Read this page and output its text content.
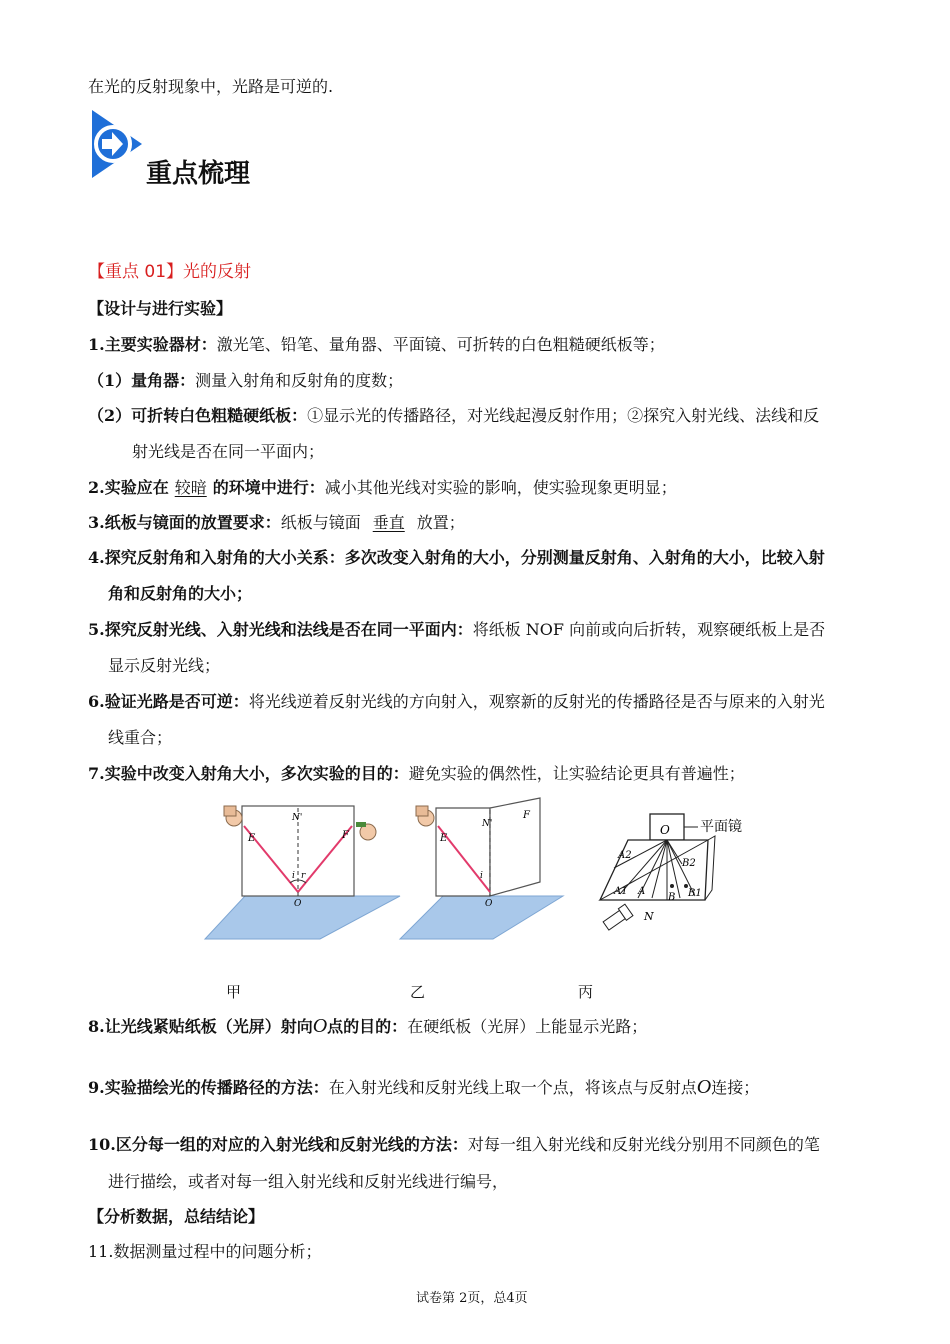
在光的反射现象中，光路是可逆的.
重点梳理
【重点 01】光的反射
【设计与进行实验】
1.主要实验器材：激光笔、铅笔、量角器、平面镜、可折转的白色粗糙硬纸板等；
（1）量角器：测量入射角和反射角的度数；
（2）可折转白色粗糙硬纸板：①显示光的传播路径，对光线起漫反射作用；②探究入射光线、法线和反
射光线是否在同一平面内；
2.实验应在 较暗 的环境中进行：减小其他光线对实验的影响，使实验现象更明显；
3.纸板与镜面的放置要求：纸板与镜面 垂直 放置；
4.探究反射角和入射角的大小关系：多次改变入射角的大小，分别测量反射角、入射角的大小，比较入射
角和反射角的大小；
5.探究反射光线、入射光线和法线是否在同一平面内：将纸板 NOF 向前或向后折转，观察硬纸板上是否
显示反射光线；
6.验证光路是否可逆：将光线逆着反射光线的方向射入，观察新的反射光的传播路径是否与原来的入射光
线重合；
7.实验中改变入射角大小，多次实验的目的：避免实验的偶然性，让实验结论更具有普遍性；
N'
E	F
O
i r
N'
E
F
O
i
O 平面镜
A2
A1 A
B B1
B2
N
甲	乙	丙
8.让光线紧贴纸板（光屏）射向O点的目的：在硬纸板（光屏）上能显示光路；
9.实验描绘光的传播路径的方法：在入射光线和反射光线上取一个点，将该点与反射点O连接；
10.区分每一组的对应的入射光线和反射光线的方法：对每一组入射光线和反射光线分别用不同颜色的笔
进行描绘，或者对每一组入射光线和反射光线进行编号，
【分析数据，总结结论】
11.数据测量过程中的问题分析；
试卷第 2页，总4页
